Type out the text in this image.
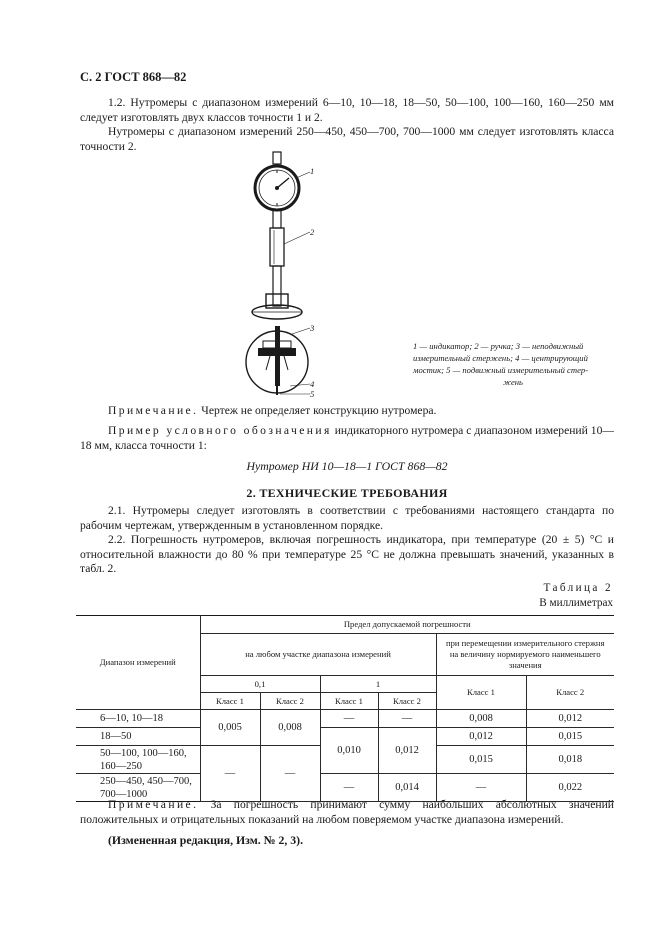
С. 2 ГОСТ 868—82

1.2. Нутромеры с диапазоном измерений 6—10, 10—18, 18—50, 50—100, 100—160, 160—250 мм следует изготовлять двух классов точности 1 и 2.

Нутромеры с диапазоном измерений 250—450, 450—700, 700—1000 мм следует изготовлять класса точности 2.

1
2
3
4
5
1 — индикатор; 2 — ручка; 3 — неподвижный
измерительный стержень; 4 — центрирующий
мостик; 5 — подвижный измерительный стер-
жень

Примечание. Чертеж не определяет конструкцию нутромера.

Пример условного обозначения индикаторного нутромера с диапазоном измерений 10—18 мм, класса точности 1:

Нутромер НИ 10—18—1 ГОСТ 868—82
2. ТЕХНИЧЕСКИЕ ТРЕБОВАНИЯ

2.1. Нутромеры следует изготовлять в соответствии с требованиями настоящего стандарта по рабочим чертежам, утвержденным в установленном порядке.

2.2. Погрешность нутромеров, включая погрешность индикатора, при температуре (20 ± 5) °С и относительной влажности до 80 % при температуре 25 °С не должна превышать значений, указанных в табл. 2.

Таблица 2
В миллиметрах
Диапазон измерений	Предел допускаемой погрешности					
	на любом участке диапазона измерений				при перемещении измерительного стержня на величину нормируемого наименьшего значения	
	0,1		1		Класс 1	Класс 2
	Класс 1	Класс 2	Класс 1	Класс 2		
6—10, 10—18	0,005	0,008	—	—	0,008	0,012
18—50			0,010	0,012	0,012	0,015
50—100, 100—160, 160—250	—	—			0,015	0,018
250—450, 450—700, 700—1000			—	0,014	—	0,022

Примечание. За погрешность принимают сумму наибольших абсолютных значений положительных и отрицательных показаний на любом поверяемом участке диапазона измерений.

(Измененная редакция, Изм. № 2, 3).
